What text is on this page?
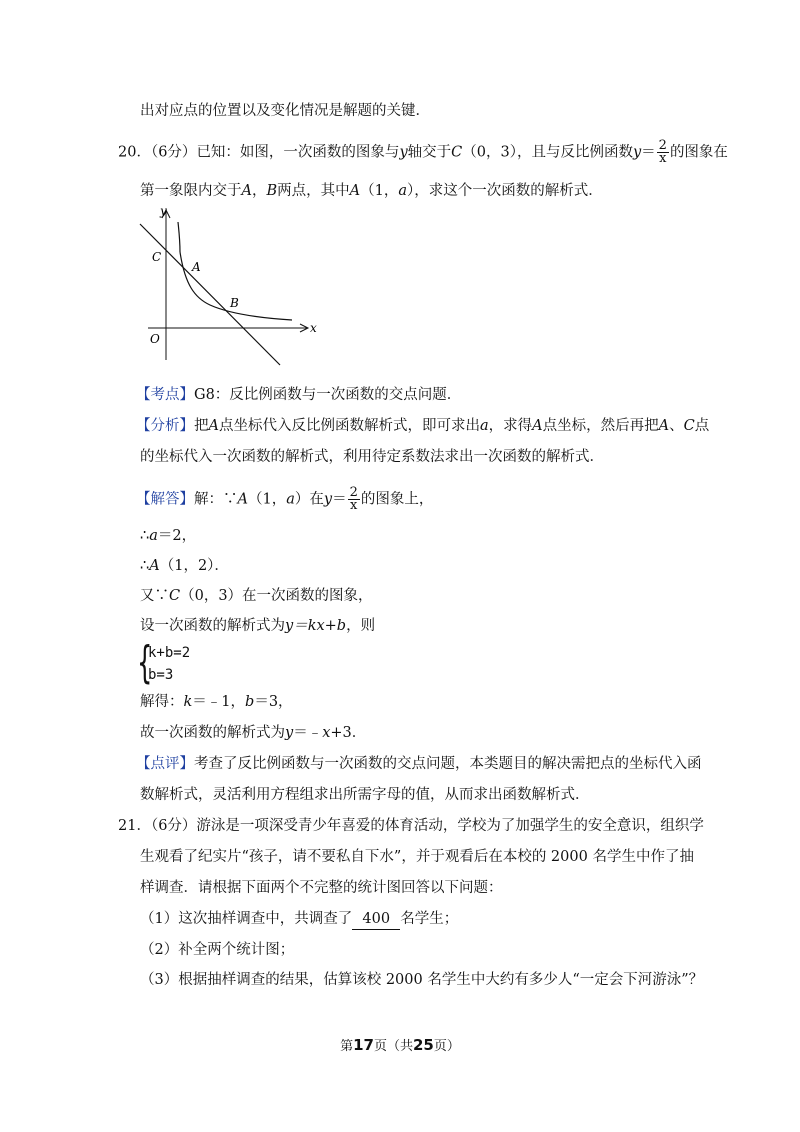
出对应点的位置以及变化情况是解题的关键．
20．（6分）已知：如图，一次函数的图象与y轴交于C（0，3），且与反比例函数$y= \frac{2}{x}$ 的图象在
第一象限内交于A，B两点，其中A（1，a），求这个一次函数的解析式．
y
x
C
A
B
O
【考点】G8：反比例函数与一次函数的交点问题．
【分析】把A点坐标代入反比例函数解析式，即可求出a，求得A点坐标，然后再把A、C点
的坐标代入一次函数的解析式，利用待定系数法求出一次函数的解析式．
【解答】解：∵A（1，a）在$y= \frac{2}{x}$ 的图象上，
∴a＝2，
∴A（1，2）．
又∵C（0，3）在一次函数的图象，
设一次函数的解析式为y＝kx+b，则
{
k+b=2
b=3
解得：k＝﹣1，b＝3，
故一次函数的解析式为y＝﹣x+3．
【点评】考查了反比例函数与一次函数的交点问题，本类题目的解决需把点的坐标代入函
数解析式，灵活利用方程组求出所需字母的值，从而求出函数解析式．
21．（6分）游泳是一项深受青少年喜爱的体育活动，学校为了加强学生的安全意识，组织学
生观看了纪实片“孩子，请不要私自下水”，并于观看后在本校的 2000 名学生中作了抽
样调查．请根据下面两个不完整的统计图回答以下问题：
（1）这次抽样调查中，共调查了 400 名学生；
（2）补全两个统计图；
（3）根据抽样调查的结果，估算该校 2000 名学生中大约有多少人“一定会下河游泳”？
第17页（共25页）
